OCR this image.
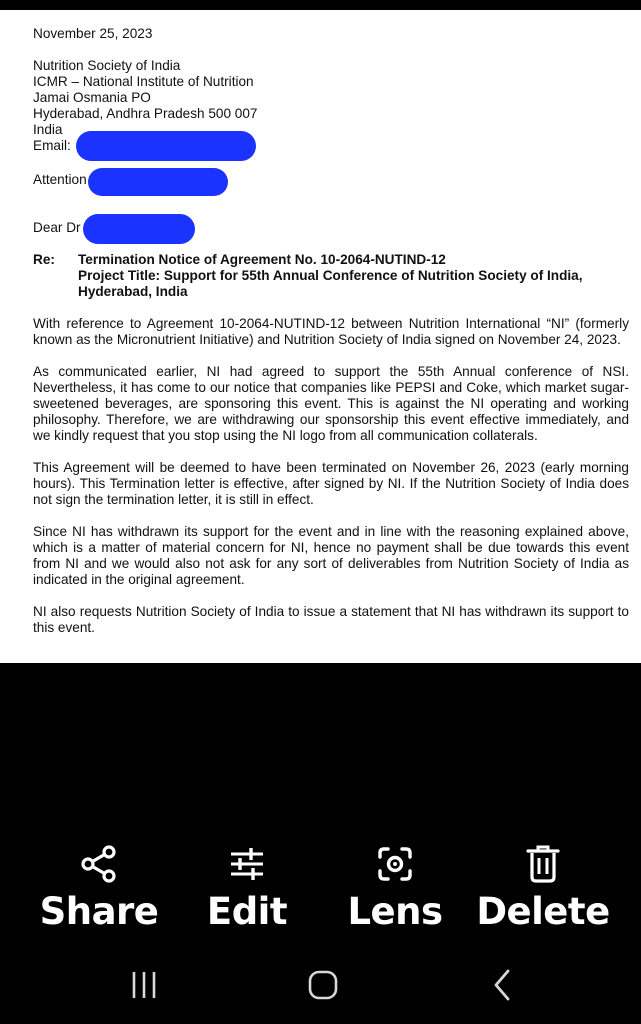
November 25, 2023
Nutrition Society of India
ICMR – National Institute of Nutrition
Jamai Osmania PO
Hyderabad, Andhra Pradesh 500 007
India
Email:
Attention
Dear Dr
Re: Termination Notice of Agreement No. 10-2064-NUTIND-12
Project Title: Support for 55th Annual Conference of Nutrition Society of India,
Hyderabad, India
With reference to Agreement 10-2064-NUTIND-12 between Nutrition International “NI” (formerly known as the Micronutrient Initiative) and Nutrition Society of India signed on November 24, 2023.
As communicated earlier, NI had agreed to support the 55th Annual conference of NSI. Nevertheless, it has come to our notice that companies like PEPSI and Coke, which market sugar-sweetened beverages, are sponsoring this event. This is against the NI operating and working philosophy. Therefore, we are withdrawing our sponsorship this event effective immediately, and we kindly request that you stop using the NI logo from all communication collaterals.
This Agreement will be deemed to have been terminated on November 26, 2023 (early morning hours). This Termination letter is effective, after signed by NI. If the Nutrition Society of India does not sign the termination letter, it is still in effect.
Since NI has withdrawn its support for the event and in line with the reasoning explained above, which is a matter of material concern for NI, hence no payment shall be due towards this event from NI and we would also not ask for any sort of deliverables from Nutrition Society of India as indicated in the original agreement.
NI also requests Nutrition Society of India to issue a statement that NI has withdrawn its support to this event.
Share	Edit	Lens Delete
